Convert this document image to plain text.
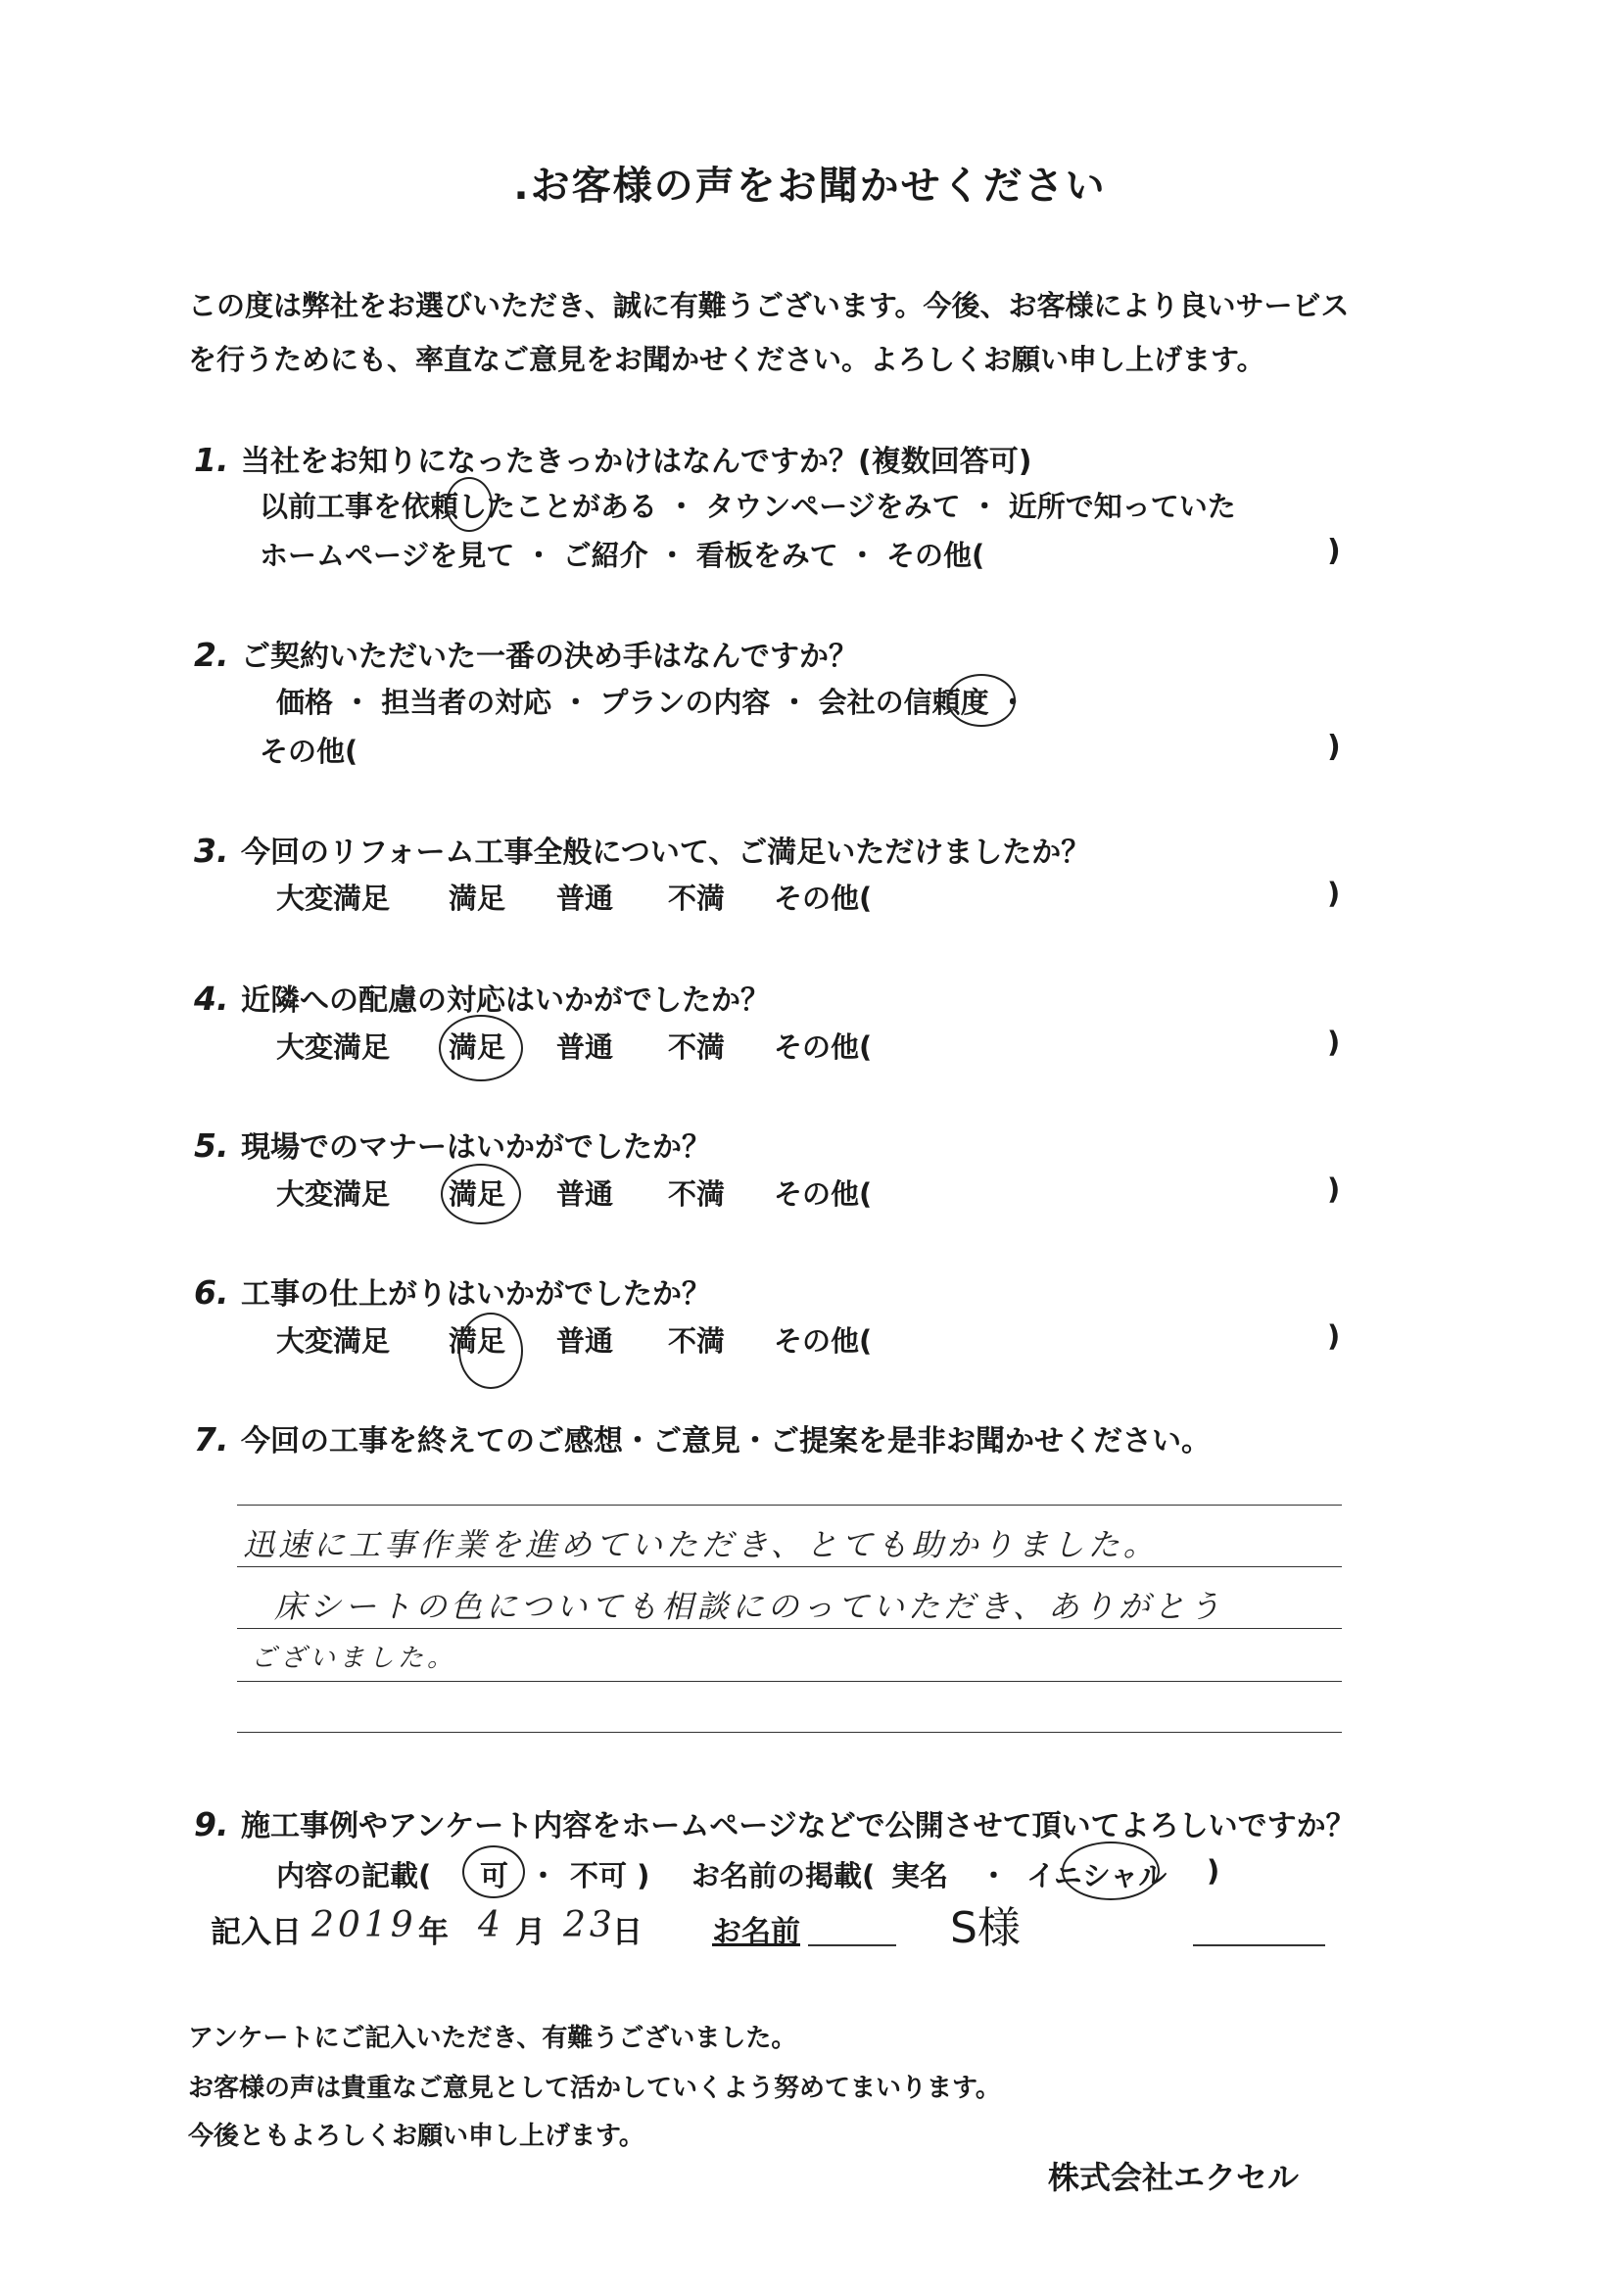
.お客様の声をお聞かせください
この度は弊社をお選びいただき、誠に有難うございます。今後、お客様により良いサービス
を行うためにも、率直なご意見をお聞かせください。よろしくお願い申し上げます。
1. 当社をお知りになったきっかけはなんですか？(複数回答可)
以前工事を依頼したことがある ・ タウンページをみて ・ 近所で知っていた
ホームページを見て ・ ご紹介 ・ 看板をみて ・ その他(	)
2. ご契約いただいた一番の決め手はなんですか？
価格 ・ 担当者の対応 ・ プランの内容 ・ 会社の信頼度 ・
その他(	)
3. 今回のリフォーム工事全般について、ご満足いただけましたか？
大変満足 満足 普通 不満 その他(	)
4. 近隣への配慮の対応はいかがでしたか？
大変満足 満足 普通 不満 その他(	)
5. 現場でのマナーはいかがでしたか？
大変満足 満足 普通 不満 その他(	)
6. 工事の仕上がりはいかがでしたか？
大変満足 満足 普通 不満 その他(	)
7. 今回の工事を終えてのご感想・ご意見・ご提案を是非お聞かせください。
迅速に工事作業を進めていただき、とても助かりました。
床シートの色についても相談にのっていただき、ありがとう
ございました。
9. 施工事例やアンケート内容をホームページなどで公開させて頂いてよろしいですか？
内容の記載( 可 ・ 不可 ) お名前の掲載( 実名 ・ イニシャル )
記入日 2019 年 4 月 23
日 お名前	S様
アンケートにご記入いただき、有難うございました。
お客様の声は貴重なご意見として活かしていくよう努めてまいります。
今後ともよろしくお願い申し上げます。
株式会社エクセル
